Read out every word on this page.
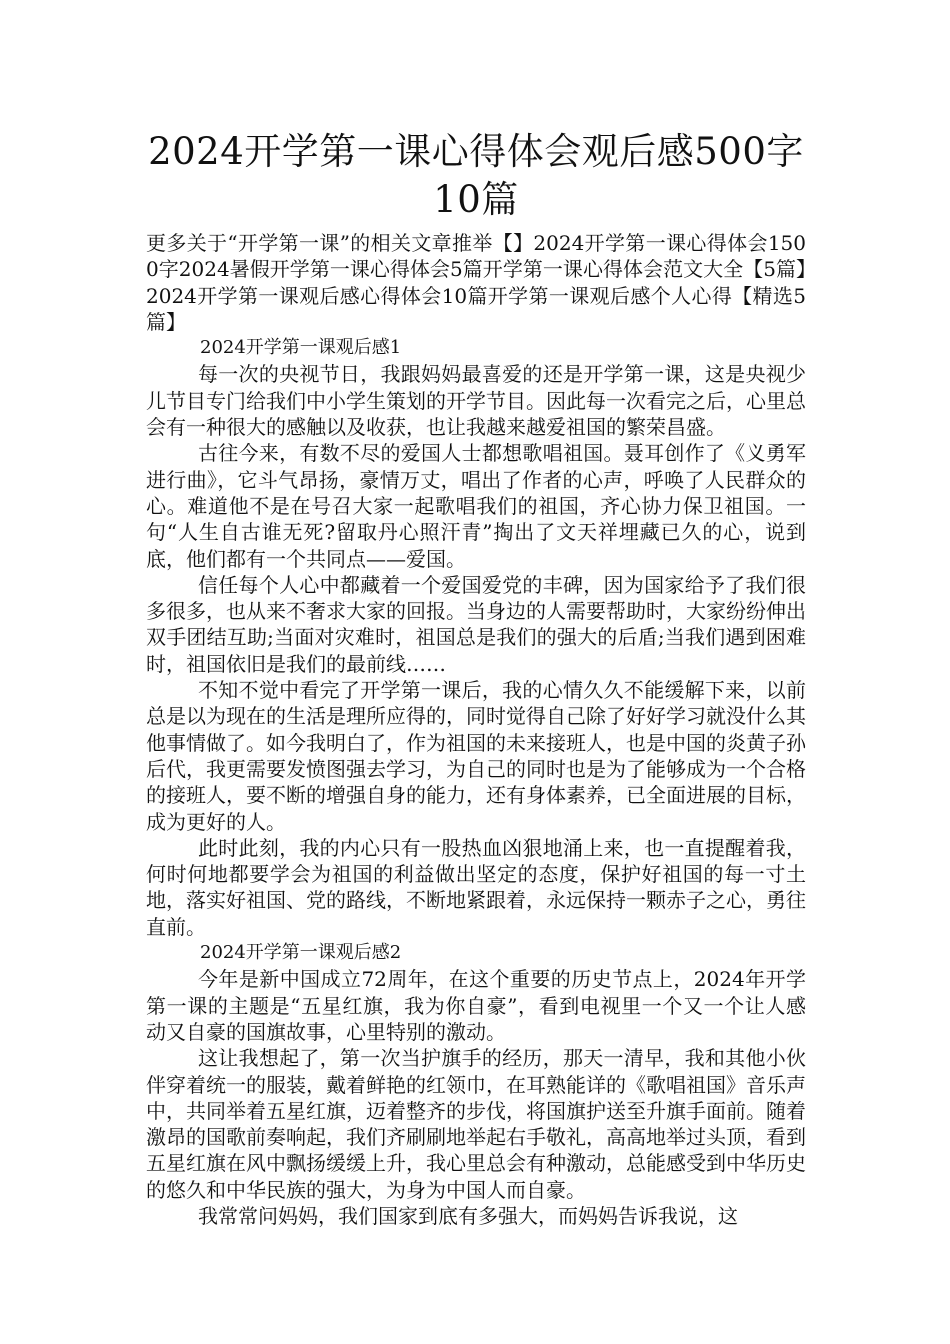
2024开学第一课心得体会观后感500字10篇

更多关于“开学第一课”的相关文章推举【】2024开学第一课心得体会1500字2024暑假开学第一课心得体会5篇开学第一课心得体会范文大全【5篇】2024开学第一课观后感心得体会10篇开学第一课观后感个人心得【精选5篇】

2024开学第一课观后感1

每一次的央视节日，我跟妈妈最喜爱的还是开学第一课，这是央视少儿节目专门给我们中小学生策划的开学节目。因此每一次看完之后，心里总会有一种很大的感触以及收获，也让我越来越爱祖国的繁荣昌盛。

古往今来，有数不尽的爱国人士都想歌唱祖国。聂耳创作了《义勇军进行曲》，它斗气昂扬，豪情万丈，唱出了作者的心声，呼唤了人民群众的心。难道他不是在号召大家一起歌唱我们的祖国，齐心协力保卫祖国。一句“人生自古谁无死?留取丹心照汗青”掏出了文天祥埋藏已久的心，说到底，他们都有一个共同点——爱国。

信任每个人心中都藏着一个爱国爱党的丰碑，因为国家给予了我们很多很多，也从来不奢求大家的回报。当身边的人需要帮助时，大家纷纷伸出双手团结互助;当面对灾难时，祖国总是我们的强大的后盾;当我们遇到困难时，祖国依旧是我们的最前线……

不知不觉中看完了开学第一课后，我的心情久久不能缓解下来，以前总是以为现在的生活是理所应得的，同时觉得自己除了好好学习就没什么其他事情做了。如今我明白了，作为祖国的未来接班人，也是中国的炎黄子孙后代，我更需要发愤图强去学习，为自己的同时也是为了能够成为一个合格的接班人，要不断的增强自身的能力，还有身体素养，已全面进展的目标，成为更好的人。

此时此刻，我的内心只有一股热血凶狠地涌上来，也一直提醒着我，何时何地都要学会为祖国的利益做出坚定的态度，保护好祖国的每一寸土地，落实好祖国、党的路线，不断地紧跟着，永远保持一颗赤子之心，勇往直前。

2024开学第一课观后感2

今年是新中国成立72周年，在这个重要的历史节点上，2024年开学第一课的主题是“五星红旗，我为你自豪”，看到电视里一个又一个让人感动又自豪的国旗故事，心里特别的激动。

这让我想起了，第一次当护旗手的经历，那天一清早，我和其他小伙伴穿着统一的服装，戴着鲜艳的红领巾，在耳熟能详的《歌唱祖国》音乐声中，共同举着五星红旗，迈着整齐的步伐，将国旗护送至升旗手面前。随着激昂的国歌前奏响起，我们齐刷刷地举起右手敬礼，高高地举过头顶，看到五星红旗在风中飘扬缓缓上升，我心里总会有种激动，总能感受到中华历史的悠久和中华民族的强大，为身为中国人而自豪。

我常常问妈妈，我们国家到底有多强大，而妈妈告诉我说，这
